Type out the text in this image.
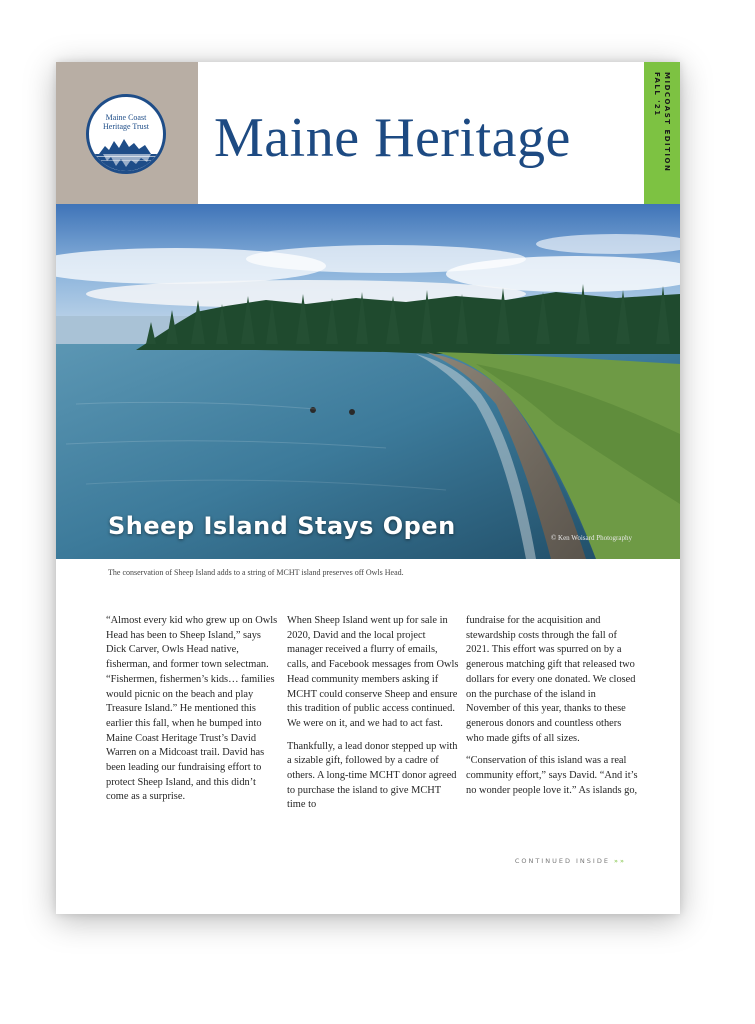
Maine Coast
Heritage Trust Maine Heritage	MIDCOAST EDITION
FALL '21
Sheep Island Stays Open	© Ken Woisard Photography
The conservation of Sheep Island adds to a string of MCHT island preserves off Owls Head.

“Almost every kid who grew up on Owls Head has been to Sheep Island,” says Dick Carver, Owls Head native, fisherman, and former town selectman. “Fishermen, fishermen’s kids… families would picnic on the beach and play Treasure Island.” He mentioned this earlier this fall, when he bumped into Maine Coast Heritage Trust’s David Warren on a Midcoast trail. David has been leading our fundraising effort to protect Sheep Island, and this didn’t come as a surprise.

When Sheep Island went up for sale in 2020, David and the local project manager received a flurry of emails, calls, and Facebook messages from Owls Head community members asking if MCHT could conserve Sheep and ensure this tradition of public access continued. We were on it, and we had to act fast.

Thankfully, a lead donor stepped up with a sizable gift, followed by a cadre of others. A long-time MCHT donor agreed to purchase the island to give MCHT time to

fundraise for the acquisition and stewardship costs through the fall of 2021. This effort was spurred on by a generous matching gift that released two dollars for every one donated. We closed on the purchase of the island in November of this year, thanks to these generous donors and countless others who made gifts of all sizes.

“Conservation of this island was a real community effort,” says David. “And it’s no wonder people love it.” As islands go,

CONTINUED INSIDE »»
